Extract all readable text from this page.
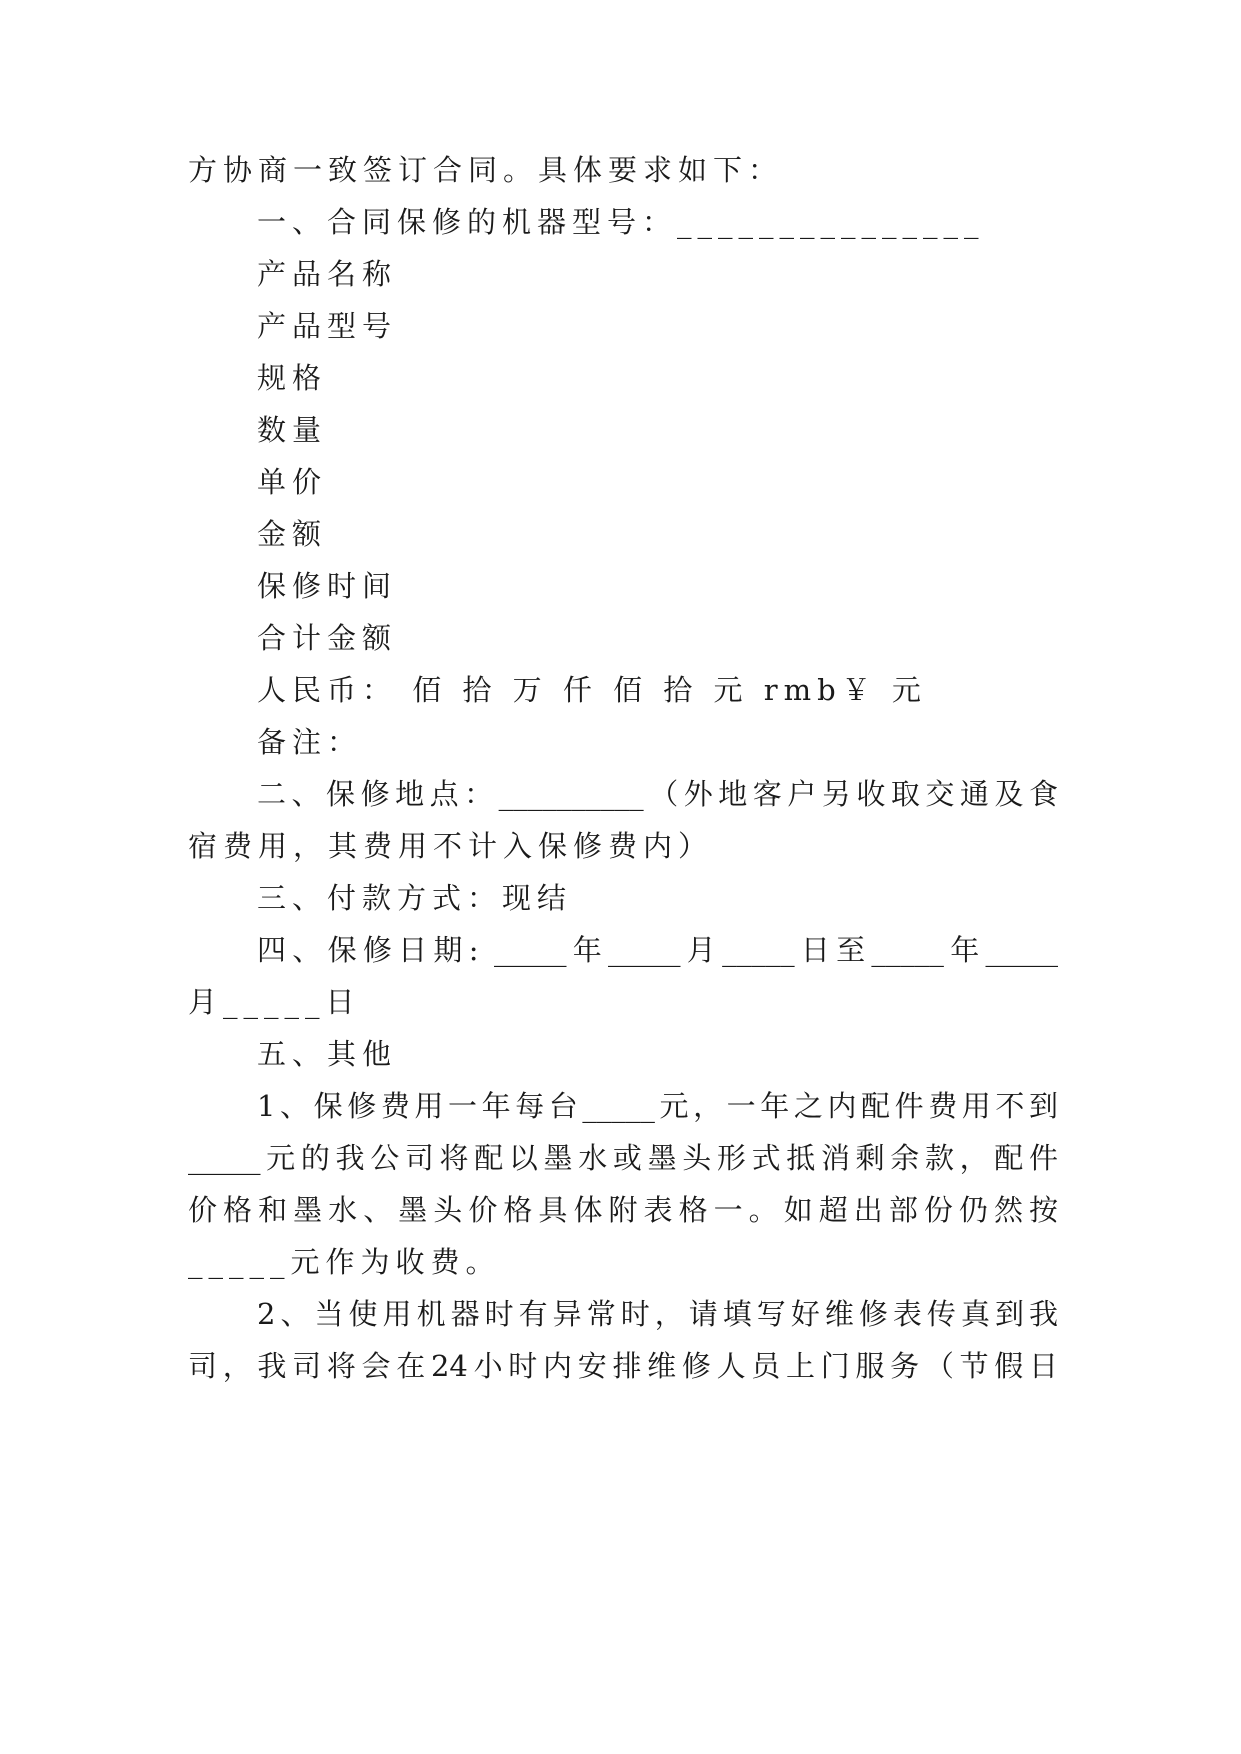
方协商一致签订合同。具体要求如下：
一、合同保修的机器型号：_______________
产品名称
产品型号
规格
数量
单价
金额
保修时间
合计金额
人民币： 佰 拾 万 仟 佰 拾 元 rmb￥ 元
备注：
二、保修地点：__________（外地客户另收取交通及食
宿费用，其费用不计入保修费内）
三、付款方式：现结
四、保修日期: _____年_____月_____日至_____年_____
月_____日
五、其他
1、保修费用一年每台_____元，一年之内配件费用不到
_____元的我公司将配以墨水或墨头形式抵消剩余款，配件
价格和墨水、墨头价格具体附表格一。如超出部份仍然按
_____元作为收费。
2、当使用机器时有异常时，请填写好维修表传真到我
司，我司将会在24小时内安排维修人员上门服务（节假日
